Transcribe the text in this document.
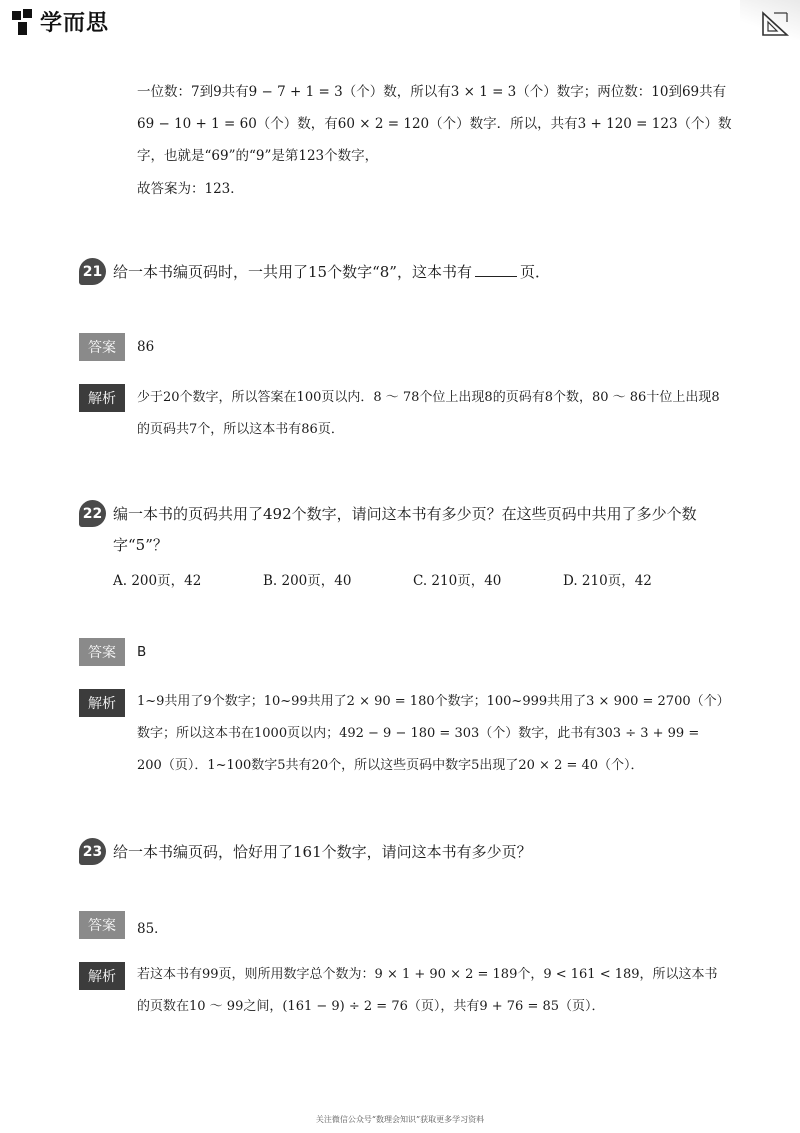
学而思
一位数：7到9共有9 − 7 + 1 = 3（个）数，所以有3 × 1 = 3（个）数字；两位数：10到69共有
69 − 10 + 1 = 60（个）数，有60 × 2 = 120（个）数字．所以，共有3 + 120 = 123（个）数
字，也就是“69”的“9”是第123个数字，
故答案为：123．
21 给一本书编页码时，一共用了15个数字“8”，这本书有	页．
答案	86
解析	少于20个数字，所以答案在100页以内．8 ～ 78个位上出现8的页码有8个数，80 ～ 86十位上出现8的页码共7个，所以这本书有86页．
22 编一本书的页码共用了492个数字，请问这本书有多少页？在这些页码中共用了多少个数字“5”？
A. 200页，42	B. 200页，40	C. 210页，40	D. 210页，42
答案	B
解析	1~9共用了9个数字；10~99共用了2 × 90 = 180个数字；100~999共用了3 × 900 = 2700（个）数字；所以这本书在1000页以内；492 − 9 − 180 = 303（个）数字，此书有303 ÷ 3 + 99 = 200（页）．1~100数字5共有20个，所以这些页码中数字5出现了20 × 2 = 40（个）．
23 给一本书编页码，恰好用了161个数字，请问这本书有多少页？
答案	85．
解析	若这本书有99页，则所用数字总个数为：9 × 1 + 90 × 2 = 189个，9 < 161 < 189，所以这本书的页数在10 ～ 99之间，(161 − 9) ÷ 2 = 76（页），共有9 + 76 = 85（页）．
关注微信公众号“数理会知识”获取更多学习资料
